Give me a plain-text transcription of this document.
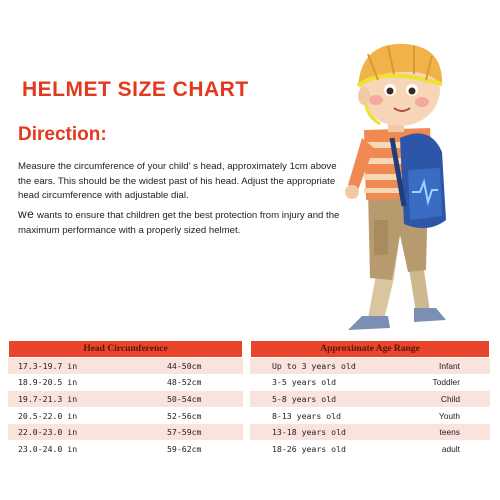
HELMET SIZE CHART
Direction:
Measure the circumference of your child’ s head, approximately 1cm above the ears. This should be the widest past of his head. Adjust the appropriate head circumference with adjustable dial.
we wants to ensure that children get the best protection from injury and the maximum performance with a properly sized helmet.
Head Circumference	
17.3-19.7 in	44-50cm
18.9-20.5 in	48-52cm
19.7-21.3 in	50-54cm
20.5-22.0 in	52-56cm
22.0-23.0 in	57-59cm
23.0-24.0 in	59-62cm
Approximate Age Range	
Up to 3 years old	Infant
3-5 years old	Toddler
5-8 years old	Child
8-13 years old	Youth
13-18 years old	teens
18-26 years old	adult
